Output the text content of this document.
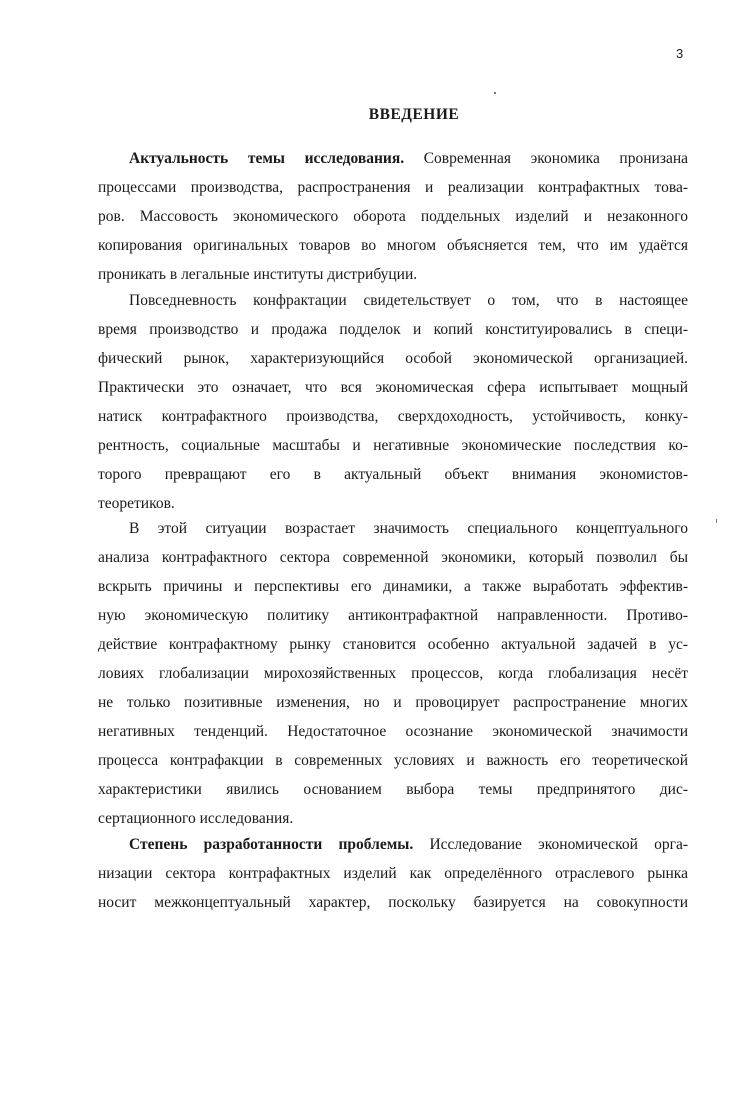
3
ВВЕДЕНИЕ
Актуальность темы исследования. Современная экономика пронизана
процессами производства, распространения и реализации контрафактных това-
ров. Массовость экономического оборота поддельных изделий и незаконного
копирования оригинальных товаров во многом объясняется тем, что им удаётся
проникать в легальные институты дистрибуции.
Повседневность конфрактации свидетельствует о том, что в настоящее
время производство и продажа подделок и копий конституировались в специ-
фический рынок, характеризующийся особой экономической организацией.
Практически это означает, что вся экономическая сфера испытывает мощный
натиск контрафактного производства, сверхдоходность, устойчивость, конку-
рентность, социальные масштабы и негативные экономические последствия ко-
торого превращают его в актуальный объект внимания экономистов-
теоретиков.
В этой ситуации возрастает значимость специального концептуального
анализа контрафактного сектора современной экономики, который позволил бы
вскрыть причины и перспективы его динамики, а также выработать эффектив-
ную экономическую политику антиконтрафактной направленности. Противо-
действие контрафактному рынку становится особенно актуальной задачей в ус-
ловиях глобализации мирохозяйственных процессов, когда глобализация несёт
не только позитивные изменения, но и провоцирует распространение многих
негативных тенденций. Недостаточное осознание экономической значимости
процесса контрафакции в современных условиях и важность его теоретической
характеристики явились основанием выбора темы предпринятого дис-
сертационного исследования.
Степень разработанности проблемы. Исследование экономической орга-
низации сектора контрафактных изделий как определённого отраслевого рынка
носит межконцептуальный характер, поскольку базируется на совокупности
